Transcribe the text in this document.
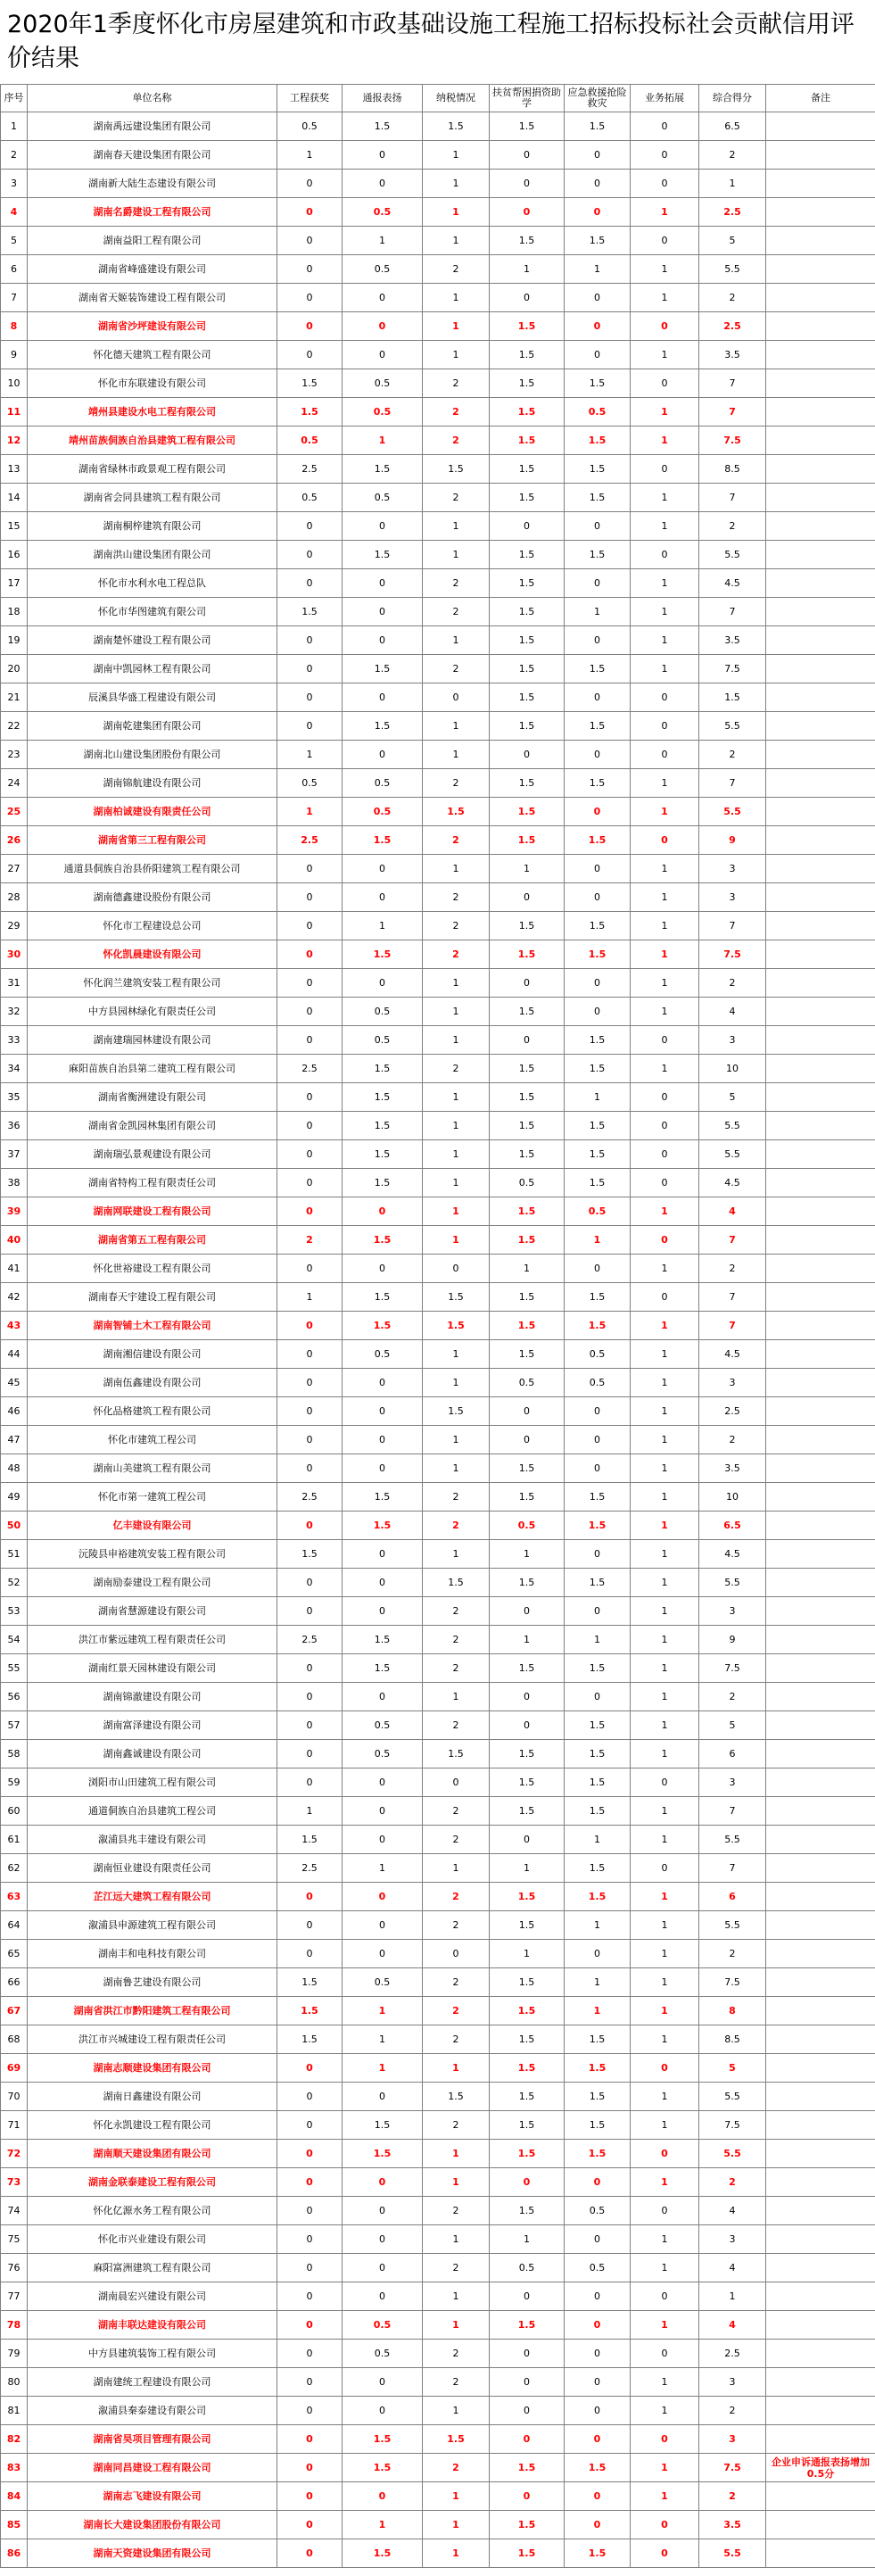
2020年1季度怀化市房屋建筑和市政基础设施工程施工招标投标社会贡献信用评价结果
序号	单位名称	工程获奖	通报表扬	纳税情况	扶贫帮困捐资助学	应急救援抢险救灾	业务拓展	综合得分	备注
1	湖南禹远建设集团有限公司	0.5	1.5	1.5	1.5	1.5	0	6.5	
2	湖南春天建设集团有限公司	1	0	1	0	0	0	2	
3	湖南新大陆生态建设有限公司	0	0	1	0	0	0	1	
4	湖南名爵建设工程有限公司	0	0.5	1	0	0	1	2.5	
5	湖南益阳工程有限公司	0	1	1	1.5	1.5	0	5	
6	湖南省峰盛建设有限公司	0	0.5	2	1	1	1	5.5	
7	湖南省天姬装饰建设工程有限公司	0	0	1	0	0	1	2	
8	湖南省沙坪建设有限公司	0	0	1	1.5	0	0	2.5	
9	怀化德天建筑工程有限公司	0	0	1	1.5	0	1	3.5	
10	怀化市东联建设有限公司	1.5	0.5	2	1.5	1.5	0	7	
11	靖州县建设水电工程有限公司	1.5	0.5	2	1.5	0.5	1	7	
12	靖州苗族侗族自治县建筑工程有限公司	0.5	1	2	1.5	1.5	1	7.5	
13	湖南省绿林市政景观工程有限公司	2.5	1.5	1.5	1.5	1.5	0	8.5	
14	湖南省会同县建筑工程有限公司	0.5	0.5	2	1.5	1.5	1	7	
15	湖南桐梓建筑有限公司	0	0	1	0	0	1	2	
16	湖南洪山建设集团有限公司	0	1.5	1	1.5	1.5	0	5.5	
17	怀化市水利水电工程总队	0	0	2	1.5	0	1	4.5	
18	怀化市华图建筑有限公司	1.5	0	2	1.5	1	1	7	
19	湖南楚怀建设工程有限公司	0	0	1	1.5	0	1	3.5	
20	湖南中凯园林工程有限公司	0	1.5	2	1.5	1.5	1	7.5	
21	辰溪县华盛工程建设有限公司	0	0	0	1.5	0	0	1.5	
22	湖南乾建集团有限公司	0	1.5	1	1.5	1.5	0	5.5	
23	湖南北山建设集团股份有限公司	1	0	1	0	0	0	2	
24	湖南锦航建设有限公司	0.5	0.5	2	1.5	1.5	1	7	
25	湖南柏诚建设有限责任公司	1	0.5	1.5	1.5	0	1	5.5	
26	湖南省第三工程有限公司	2.5	1.5	2	1.5	1.5	0	9	
27	通道县侗族自治县侨阳建筑工程有限公司	0	0	1	1	0	1	3	
28	湖南德鑫建设股份有限公司	0	0	2	0	0	1	3	
29	怀化市工程建设总公司	0	1	2	1.5	1.5	1	7	
30	怀化凯晨建设有限公司	0	1.5	2	1.5	1.5	1	7.5	
31	怀化润兰建筑安装工程有限公司	0	0	1	0	0	1	2	
32	中方县园林绿化有限责任公司	0	0.5	1	1.5	0	1	4	
33	湖南建瑞园林建设有限公司	0	0.5	1	0	1.5	0	3	
34	麻阳苗族自治县第二建筑工程有限公司	2.5	1.5	2	1.5	1.5	1	10	
35	湖南省衡洲建设有限公司	0	1.5	1	1.5	1	0	5	
36	湖南省金凯园林集团有限公司	0	1.5	1	1.5	1.5	0	5.5	
37	湖南瑞弘景观建设有限公司	0	1.5	1	1.5	1.5	0	5.5	
38	湖南省特构工程有限责任公司	0	1.5	1	0.5	1.5	0	4.5	
39	湖南网联建设工程有限公司	0	0	1	1.5	0.5	1	4	
40	湖南省第五工程有限公司	2	1.5	1	1.5	1	0	7	
41	怀化世裕建设工程有限公司	0	0	0	1	0	1	2	
42	湖南春天宇建设工程有限公司	1	1.5	1.5	1.5	1.5	0	7	
43	湖南智铺土木工程有限公司	0	1.5	1.5	1.5	1.5	1	7	
44	湖南湘信建设有限公司	0	0.5	1	1.5	0.5	1	4.5	
45	湖南伍鑫建设有限公司	0	0	1	0.5	0.5	1	3	
46	怀化品格建筑工程有限公司	0	0	1.5	0	0	1	2.5	
47	怀化市建筑工程公司	0	0	1	0	0	1	2	
48	湖南山美建筑工程有限公司	0	0	1	1.5	0	1	3.5	
49	怀化市第一建筑工程公司	2.5	1.5	2	1.5	1.5	1	10	
50	亿丰建设有限公司	0	1.5	2	0.5	1.5	1	6.5	
51	沅陵县申裕建筑安装工程有限公司	1.5	0	1	1	0	1	4.5	
52	湖南励泰建设工程有限公司	0	0	1.5	1.5	1.5	1	5.5	
53	湖南省慧源建设有限公司	0	0	2	0	0	1	3	
54	洪江市紫远建筑工程有限责任公司	2.5	1.5	2	1	1	1	9	
55	湖南红景天园林建设有限公司	0	1.5	2	1.5	1.5	1	7.5	
56	湖南锦澈建设有限公司	0	0	1	0	0	1	2	
57	湖南富泽建设有限公司	0	0.5	2	0	1.5	1	5	
58	湖南鑫诚建设有限公司	0	0.5	1.5	1.5	1.5	1	6	
59	浏阳市山田建筑工程有限公司	0	0	0	1.5	1.5	0	3	
60	通道侗族自治县建筑工程公司	1	0	2	1.5	1.5	1	7	
61	溆浦县兆丰建设有限公司	1.5	0	2	0	1	1	5.5	
62	湖南恒业建设有限责任公司	2.5	1	1	1	1.5	0	7	
63	芷江远大建筑工程有限公司	0	0	2	1.5	1.5	1	6	
64	溆浦县申源建筑工程有限公司	0	0	2	1.5	1	1	5.5	
65	湖南丰和电科技有限公司	0	0	0	1	0	1	2	
66	湖南鲁艺建设有限公司	1.5	0.5	2	1.5	1	1	7.5	
67	湖南省洪江市黔阳建筑工程有限公司	1.5	1	2	1.5	1	1	8	
68	洪江市兴城建设工程有限责任公司	1.5	1	2	1.5	1.5	1	8.5	
69	湖南志顺建设集团有限公司	0	1	1	1.5	1.5	0	5	
70	湖南日鑫建设有限公司	0	0	1.5	1.5	1.5	1	5.5	
71	怀化永凯建设工程有限公司	0	1.5	2	1.5	1.5	1	7.5	
72	湖南顺天建设集团有限公司	0	1.5	1	1.5	1.5	0	5.5	
73	湖南金联泰建设工程有限公司	0	0	1	0	0	1	2	
74	怀化亿源水务工程有限公司	0	0	2	1.5	0.5	0	4	
75	怀化市兴业建设有限公司	0	0	1	1	0	1	3	
76	麻阳富洲建筑工程有限公司	0	0	2	0.5	0.5	1	4	
77	湖南晨宏兴建设有限公司	0	0	1	0	0	0	1	
78	湖南丰联达建设有限公司	0	0.5	1	1.5	0	1	4	
79	中方县建筑装饰工程有限公司	0	0.5	2	0	0	0	2.5	
80	湖南建统工程建设有限公司	0	0	2	0	0	1	3	
81	溆浦县秦泰建设有限公司	0	0	1	0	0	1	2	
82	湖南省昊项目管理有限公司	0	1.5	1.5	0	0	0	3	
83	湖南同昌建设工程有限公司	0	1.5	2	1.5	1.5	1	7.5	企业申诉通报表扬增加0.5分
84	湖南志飞建设有限公司	0	0	1	0	0	1	2	
85	湖南长大建设集团股份有限公司	0	1	1	1.5	0	0	3.5	
86	湖南天资建设集团有限公司	0	1.5	1	1.5	1.5	0	5.5	
